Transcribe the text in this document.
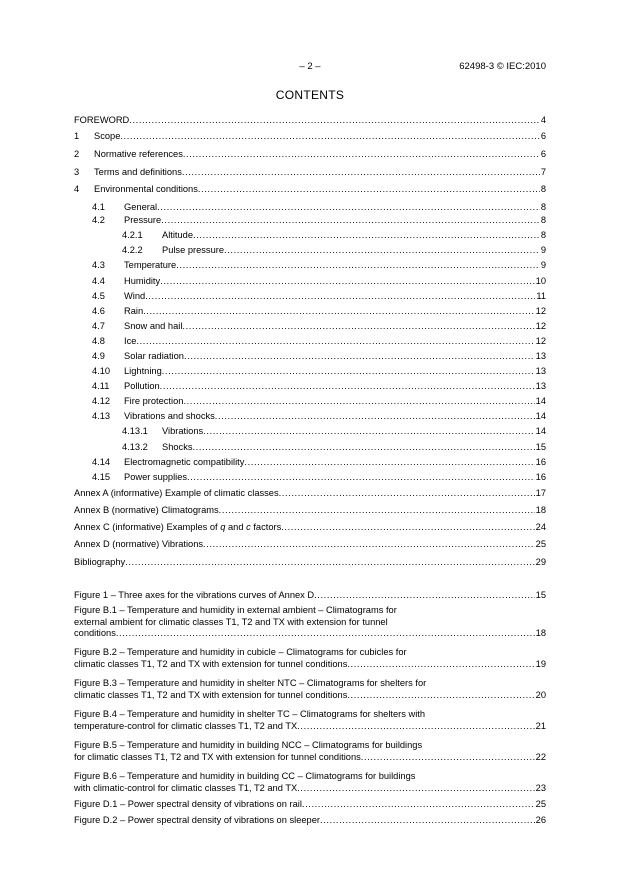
– 2 –	62498-3 © IEC:2010
CONTENTS
FOREWORD .....	4
1	Scope .....	6
2	Normative references .....	6
3	Terms and definitions .....	7
4	Environmental conditions .....	8
4.1	General .....	8
4.2	Pressure .....	8
4.2.1	Altitude .....	8
4.2.2	Pulse pressure .....	9
4.3	Temperature .....	9
4.4	Humidity .....	10
4.5	Wind .....	11
4.6	Rain .....	12
4.7	Snow and hail .....	12
4.8	Ice .....	12
4.9	Solar radiation .....	13
4.10	Lightning .....	13
4.11	Pollution .....	13
4.12	Fire protection .....	14
4.13	Vibrations and shocks .....	14
4.13.1	Vibrations .....	14
4.13.2	Shocks .....	15
4.14	Electromagnetic compatibility .....	16
4.15	Power supplies .....	16
Annex A (informative) Example of climatic classes .....	17
Annex B (normative) Climatograms .....	18
Annex C (informative) Examples of q and c factors .....	24
Annex D (normative) Vibrations .....	25
Bibliography .....	29
Figure 1 – Three axes for the vibrations curves of Annex D .....	15
Figure B.1 – Temperature and humidity in external ambient – Climatograms for
external ambient for climatic classes T1, T2 and TX with extension for tunnel
conditions .....	18
Figure B.2 – Temperature and humidity in cubicle – Climatograms for cubicles for
climatic classes T1, T2 and TX with extension for tunnel conditions .....	19
Figure B.3 – Temperature and humidity in shelter NTC – Climatograms for shelters for
climatic classes T1, T2 and TX with extension for tunnel conditions .....	20
Figure B.4 – Temperature and humidity in shelter TC – Climatograms for shelters with
temperature-control for climatic classes T1, T2 and TX .....	21
Figure B.5 – Temperature and humidity in building NCC – Climatograms for buildings
for climatic classes T1, T2 and TX with extension for tunnel conditions .....	22
Figure B.6 – Temperature and humidity in building CC – Climatograms for buildings
with climatic-control for climatic classes T1, T2 and TX .....	23
Figure D.1 – Power spectral density of vibrations on rail .....	25
Figure D.2 – Power spectral density of vibrations on sleeper .....	26
